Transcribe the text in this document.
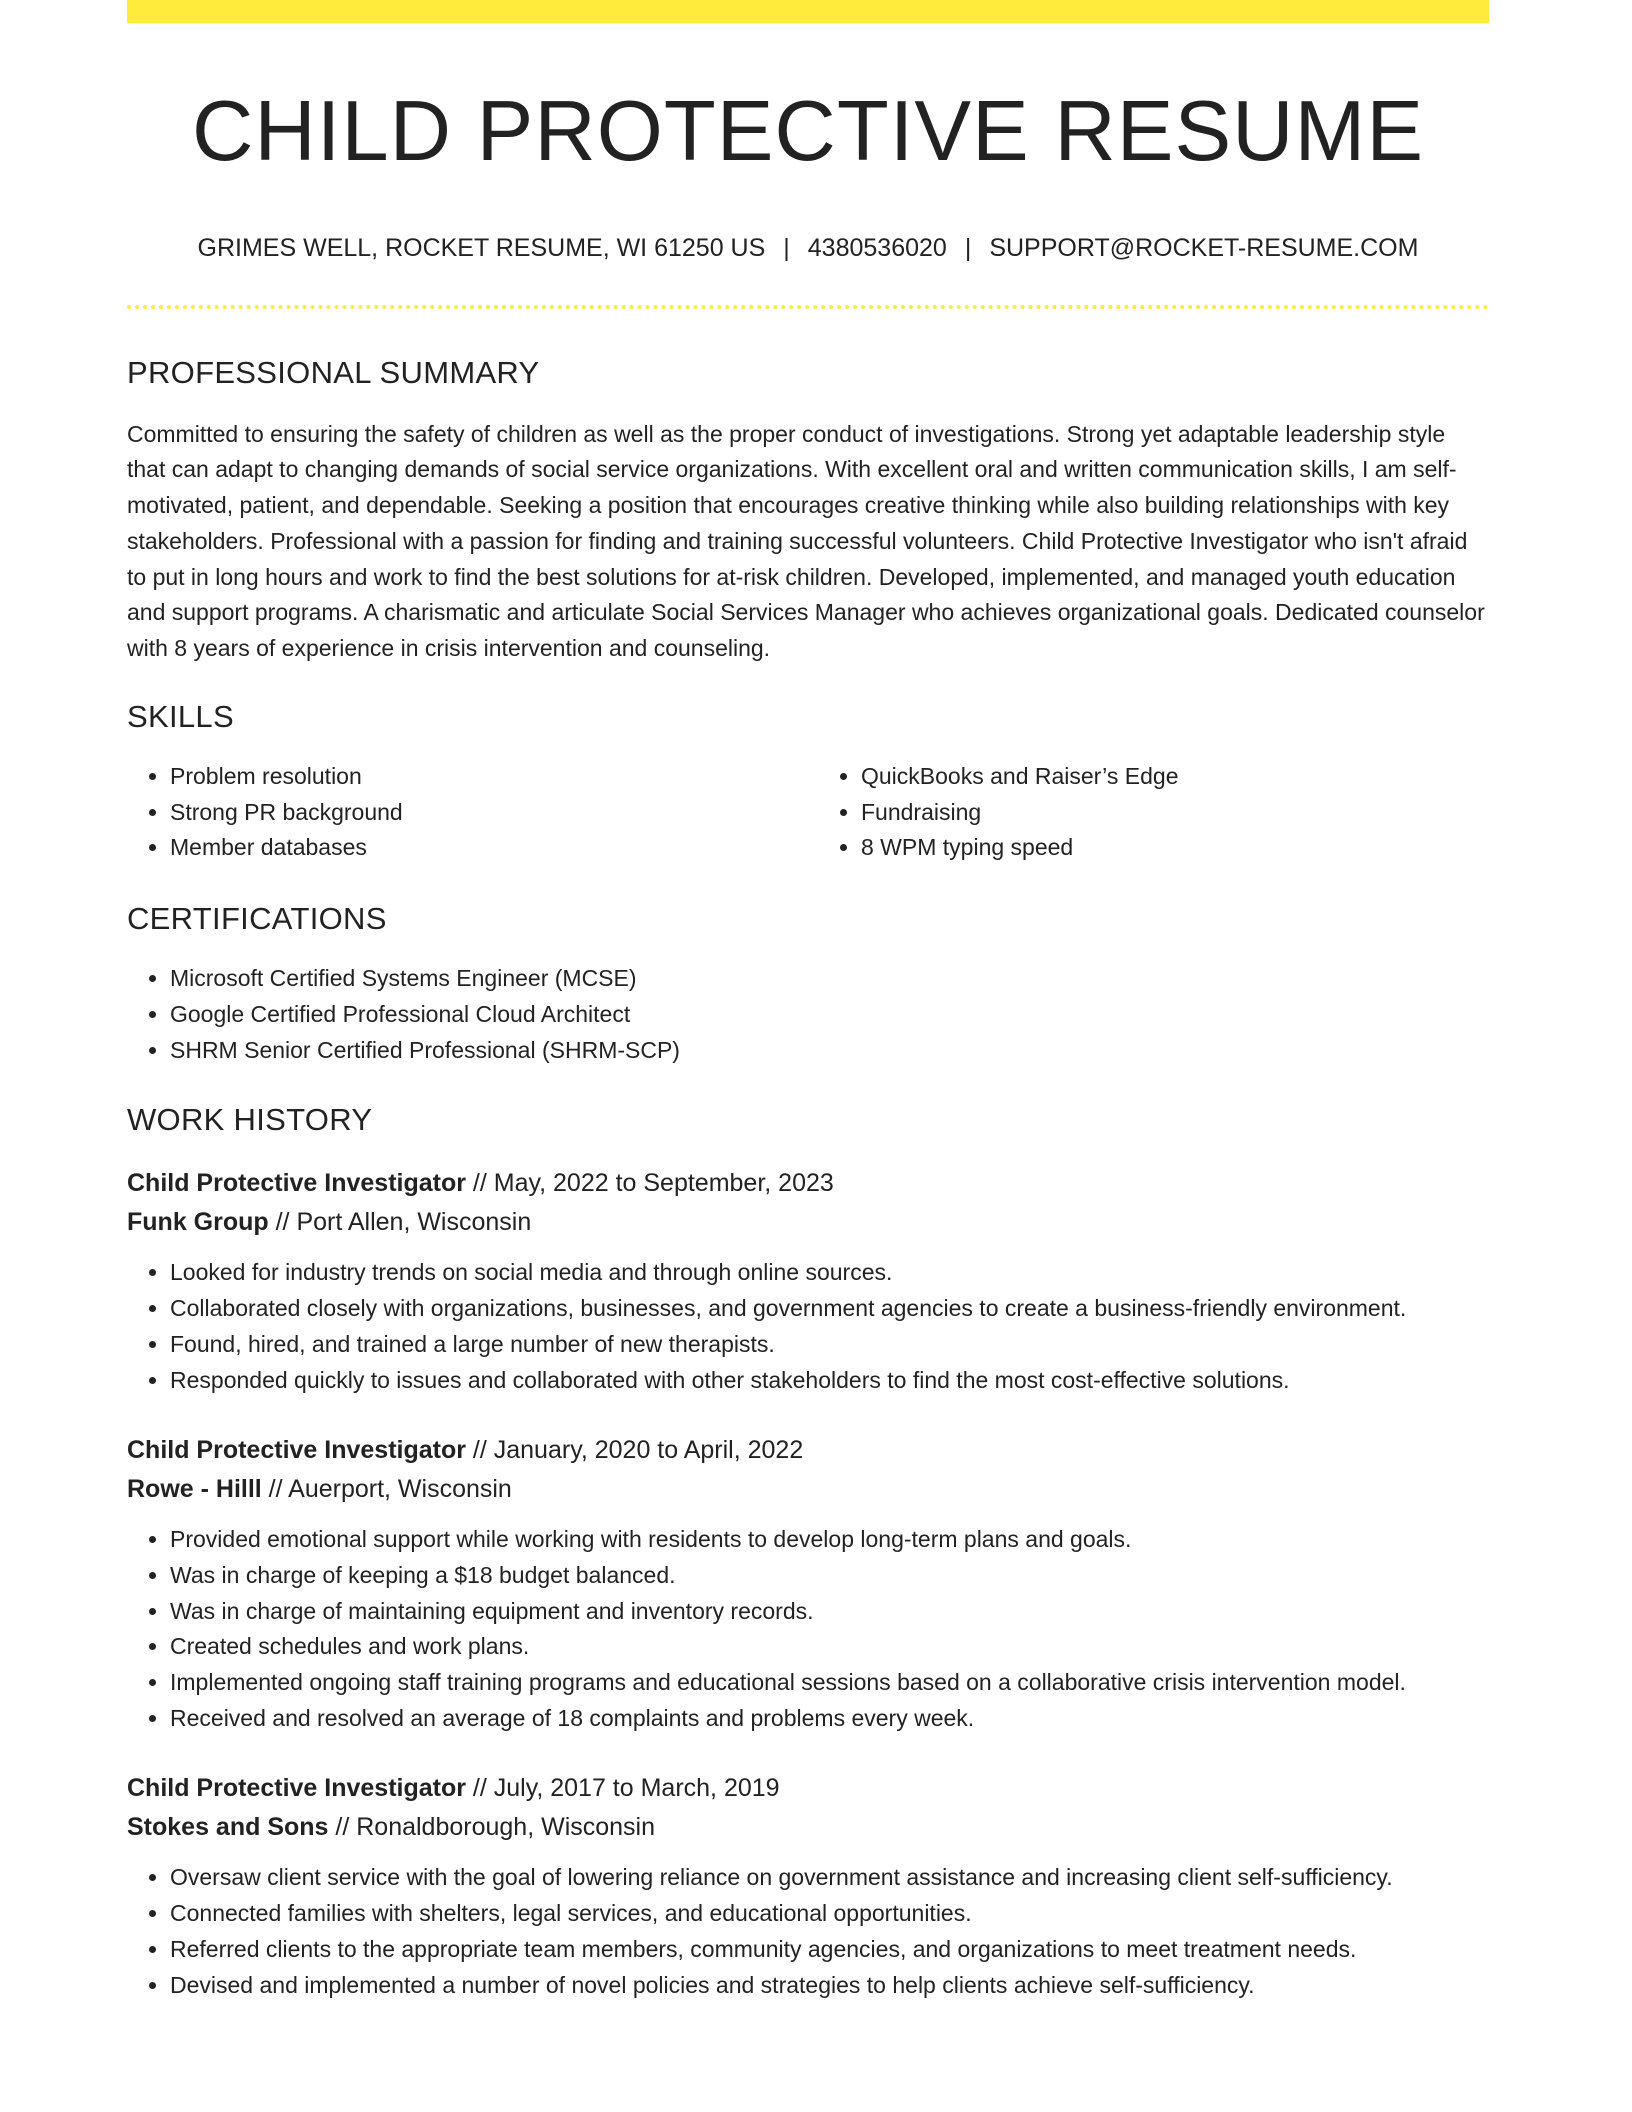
CHILD PROTECTIVE RESUME
GRIMES WELL, ROCKET RESUME, WI 61250 US | 4380536020 | SUPPORT@ROCKET-RESUME.COM
PROFESSIONAL SUMMARY

Committed to ensuring the safety of children as well as the proper conduct of investigations. Strong yet adaptable leadership style that can adapt to changing demands of social service organizations. With excellent oral and written communication skills, I am self-motivated, patient, and dependable. Seeking a position that encourages creative thinking while also building relationships with key stakeholders. Professional with a passion for finding and training successful volunteers. Child Protective Investigator who isn't afraid to put in long hours and work to find the best solutions for at-risk children. Developed, implemented, and managed youth education and support programs. A charismatic and articulate Social Services Manager who achieves organizational goals. Dedicated counselor with 8 years of experience in crisis intervention and counseling.

SKILLS
• Problem resolution
• Strong PR background
• Member databases
• QuickBooks and Raiser’s Edge
• Fundraising
• 8 WPM typing speed
CERTIFICATIONS
• Microsoft Certified Systems Engineer (MCSE)
• Google Certified Professional Cloud Architect
• SHRM Senior Certified Professional (SHRM-SCP)
WORK HISTORY
Child Protective Investigator // May, 2022 to September, 2023
Funk Group // Port Allen, Wisconsin
• Looked for industry trends on social media and through online sources.
• Collaborated closely with organizations, businesses, and government agencies to create a business-friendly environment.
• Found, hired, and trained a large number of new therapists.
• Responded quickly to issues and collaborated with other stakeholders to find the most cost-effective solutions.
Child Protective Investigator // January, 2020 to April, 2022
Rowe - Hilll // Auerport, Wisconsin
• Provided emotional support while working with residents to develop long-term plans and goals.
• Was in charge of keeping a $18 budget balanced.
• Was in charge of maintaining equipment and inventory records.
• Created schedules and work plans.
• Implemented ongoing staff training programs and educational sessions based on a collaborative crisis intervention model.
• Received and resolved an average of 18 complaints and problems every week.
Child Protective Investigator // July, 2017 to March, 2019
Stokes and Sons // Ronaldborough, Wisconsin
• Oversaw client service with the goal of lowering reliance on government assistance and increasing client self-sufficiency.
• Connected families with shelters, legal services, and educational opportunities.
• Referred clients to the appropriate team members, community agencies, and organizations to meet treatment needs.
• Devised and implemented a number of novel policies and strategies to help clients achieve self-sufficiency.
